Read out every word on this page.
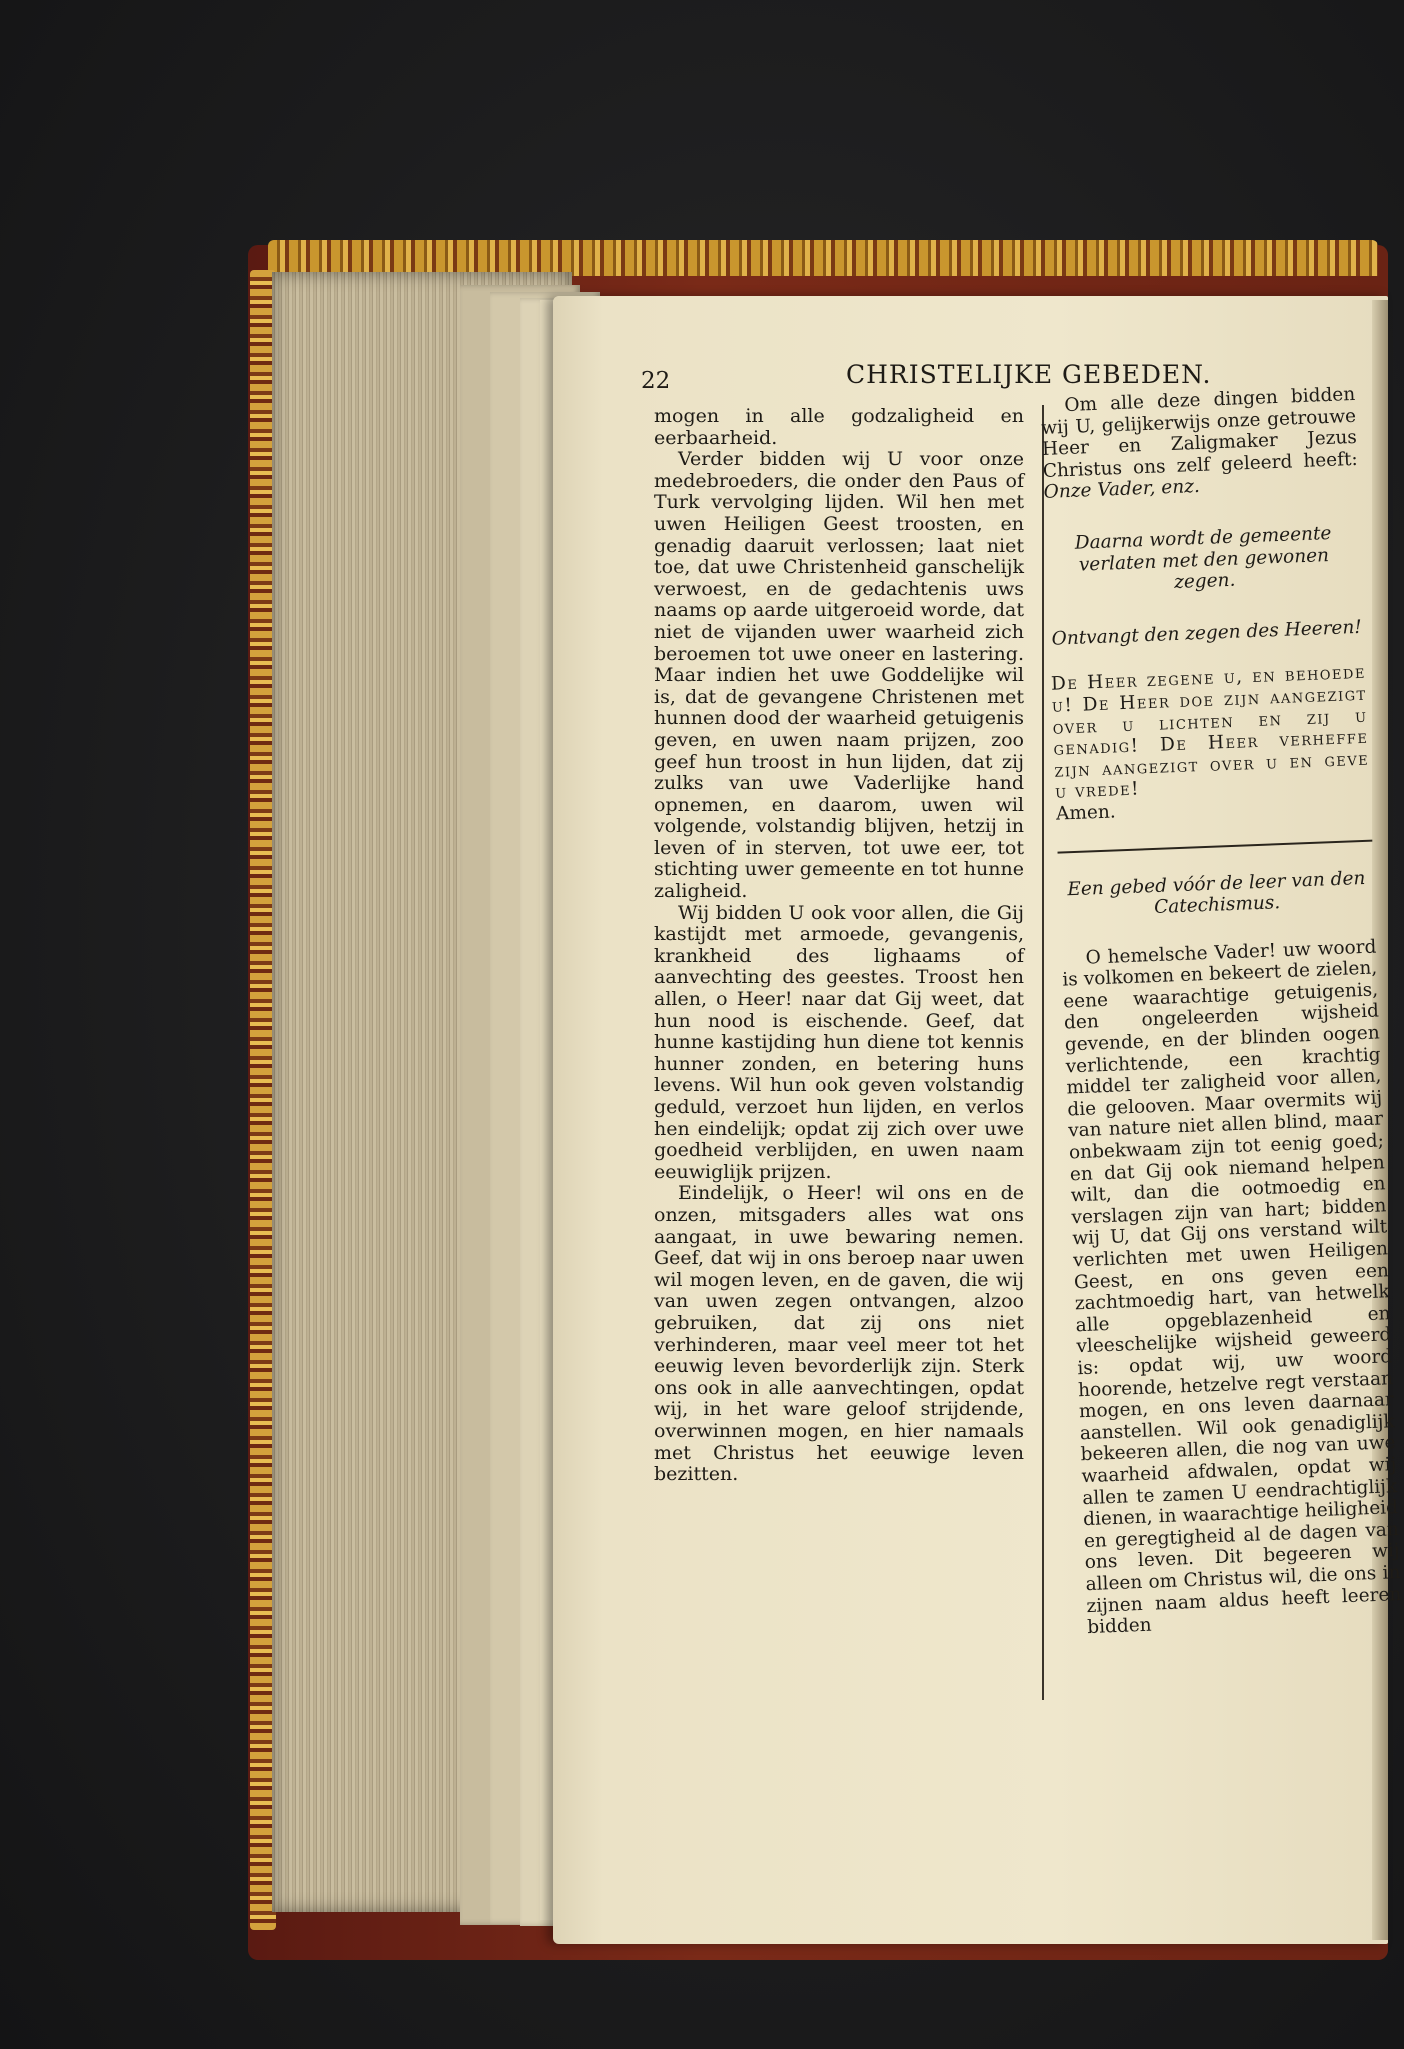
22	CHRISTELIJKE GEBEDEN.

mogen in alle godzaligheid en eerbaarheid.

Verder bidden wij U voor onze medebroeders, die onder den Paus of Turk vervolging lijden. Wil hen met uwen Heiligen Geest troosten, en genadig daaruit verlossen; laat niet toe, dat uwe Christenheid ganschelijk verwoest, en de gedachtenis uws naams op aarde uitgeroeid worde, dat niet de vijanden uwer waarheid zich beroemen tot uwe oneer en lastering. Maar indien het uwe Goddelijke wil is, dat de gevangene Christenen met hunnen dood der waarheid getuigenis geven, en uwen naam prijzen, zoo geef hun troost in hun lijden, dat zij zulks van uwe Vaderlijke hand opnemen, en daarom, uwen wil volgende, volstandig blijven, hetzij in leven of in sterven, tot uwe eer, tot stichting uwer gemeente en tot hunne zaligheid.

Wij bidden U ook voor allen, die Gij kastijdt met armoede, gevangenis, krankheid des lighaams of aanvechting des geestes. Troost hen allen, o Heer! naar dat Gij weet, dat hun nood is eischende. Geef, dat hunne kastijding hun diene tot kennis hunner zonden, en betering huns levens. Wil hun ook geven volstandig geduld, verzoet hun lijden, en verlos hen eindelijk; opdat zij zich over uwe goedheid verblijden, en uwen naam eeuwiglijk prijzen.

Eindelijk, o Heer! wil ons en de onzen, mitsgaders alles wat ons aangaat, in uwe bewaring nemen. Geef, dat wij in ons beroep naar uwen wil mogen leven, en de gaven, die wij van uwen zegen ontvangen, alzoo gebruiken, dat zij ons niet verhinderen, maar veel meer tot het eeuwig leven bevorderlijk zijn. Sterk ons ook in alle aanvechtingen, opdat wij, in het ware geloof strijdende, overwinnen mogen, en hier namaals met Christus het eeuwige leven bezitten.

Om alle deze dingen bidden wij U, gelijkerwijs onze getrouwe Heer en Zaligmaker Jezus Christus ons zelf geleerd heeft: Onze Vader, enz.

Daarna wordt de gemeente verlaten met den gewonen zegen.

Ontvangt den zegen des Heeren!

De Heer zegene u, en behoede u! De Heer doe zijn aangezigt over u lichten en zij u genadig! De Heer verheffe zijn aangezigt over u en geve u vrede!

Amen.

Een gebed vóór de leer van den Catechismus.

O hemelsche Vader! uw woord is volkomen en bekeert de zielen, eene waarachtige getuigenis, den ongeleerden wijsheid gevende, en der blinden oogen verlichtende, een krachtig middel ter zaligheid voor allen, die gelooven. Maar overmits wij van nature niet allen blind, maar onbekwaam zijn tot eenig goed; en dat Gij ook niemand helpen wilt, dan die ootmoedig en verslagen zijn van hart; bidden wij U, dat Gij ons verstand wilt verlichten met uwen Heiligen Geest, en ons geven een zachtmoedig hart, van hetwelk alle opgeblazenheid en vleeschelijke wijsheid geweerd is: opdat wij, uw woord hoorende, hetzelve regt verstaan mogen, en ons leven daarnaar aanstellen. Wil ook genadiglijk bekeeren allen, die nog van uwe waarheid afdwalen, opdat wij allen te zamen U eendrachtiglijk dienen, in waarachtige heiligheid en geregtigheid al de dagen van ons leven. Dit begeeren wij alleen om Christus wil, die ons in zijnen naam aldus heeft leeren bidden
